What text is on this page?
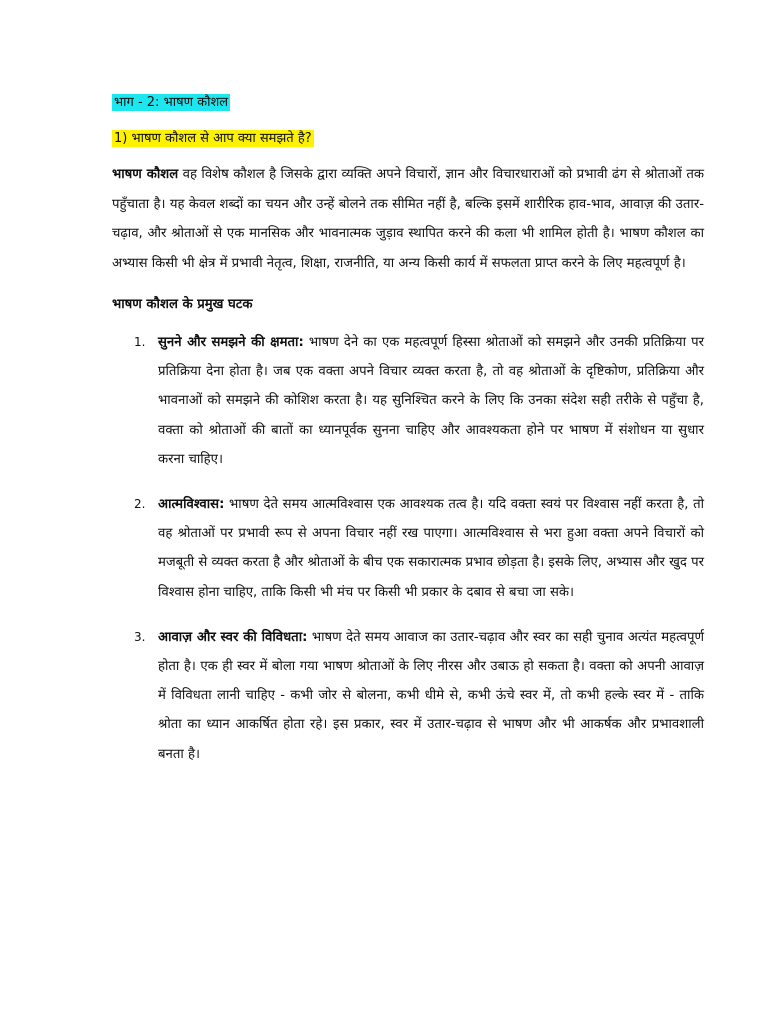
भाग - 2: भाषण कौशल

1) भाषण कौशल से आप क्या समझते है?

भाषण कौशल वह विशेष कौशल है जिसके द्वारा व्यक्ति अपने विचारों, ज्ञान और विचारधाराओं को प्रभावी ढंग से श्रोताओं तक पहुँचाता है। यह केवल शब्दों का चयन और उन्हें बोलने तक सीमित नहीं है, बल्कि इसमें शारीरिक हाव-भाव, आवाज़ की उतार-चढ़ाव, और श्रोताओं से एक मानसिक और भावनात्मक जुड़ाव स्थापित करने की कला भी शामिल होती है। भाषण कौशल का अभ्यास किसी भी क्षेत्र में प्रभावी नेतृत्व, शिक्षा, राजनीति, या अन्य किसी कार्य में सफलता प्राप्त करने के लिए महत्वपूर्ण है।

भाषण कौशल के प्रमुख घटक

1. सुनने और समझने की क्षमता: भाषण देने का एक महत्वपूर्ण हिस्सा श्रोताओं को समझने और उनकी प्रतिक्रिया पर प्रतिक्रिया देना होता है। जब एक वक्ता अपने विचार व्यक्त करता है, तो वह श्रोताओं के दृष्टिकोण, प्रतिक्रिया और भावनाओं को समझने की कोशिश करता है। यह सुनिश्चित करने के लिए कि उनका संदेश सही तरीके से पहुँचा है, वक्ता को श्रोताओं की बातों का ध्यानपूर्वक सुनना चाहिए और आवश्यकता होने पर भाषण में संशोधन या सुधार करना चाहिए।
2. आत्मविश्वास: भाषण देते समय आत्मविश्वास एक आवश्यक तत्व है। यदि वक्ता स्वयं पर विश्वास नहीं करता है, तो वह श्रोताओं पर प्रभावी रूप से अपना विचार नहीं रख पाएगा। आत्मविश्वास से भरा हुआ वक्ता अपने विचारों को मजबूती से व्यक्त करता है और श्रोताओं के बीच एक सकारात्मक प्रभाव छोड़ता है। इसके लिए, अभ्यास और खुद पर विश्वास होना चाहिए, ताकि किसी भी मंच पर किसी भी प्रकार के दबाव से बचा जा सके।
3. आवाज़ और स्वर की विविधता: भाषण देते समय आवाज का उतार-चढ़ाव और स्वर का सही चुनाव अत्यंत महत्वपूर्ण होता है। एक ही स्वर में बोला गया भाषण श्रोताओं के लिए नीरस और उबाऊ हो सकता है। वक्ता को अपनी आवाज़ में विविधता लानी चाहिए - कभी जोर से बोलना, कभी धीमे से, कभी ऊंचे स्वर में, तो कभी हल्के स्वर में - ताकि श्रोता का ध्यान आकर्षित होता रहे। इस प्रकार, स्वर में उतार-चढ़ाव से भाषण और भी आकर्षक और प्रभावशाली बनता है।
